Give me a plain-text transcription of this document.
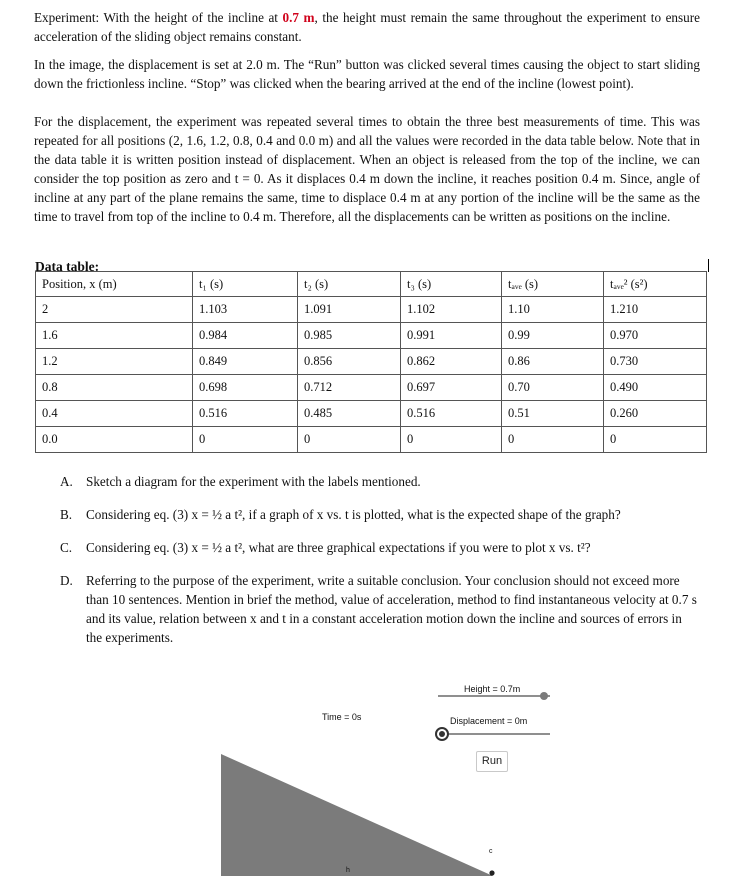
Experiment: With the height of the incline at 0.7 m, the height must remain the same throughout the experiment to ensure acceleration of the sliding object remains constant.

In the image, the displacement is set at 2.0 m. The “Run” button was clicked several times causing the object to start sliding down the frictionless incline. “Stop” was clicked when the bearing arrived at the end of the incline (lowest point).

For the displacement, the experiment was repeated several times to obtain the three best measurements of time. This was repeated for all positions (2, 1.6, 1.2, 0.8, 0.4 and 0.0 m) and all the values were recorded in the data table below. Note that in the data table it is written position instead of displacement. When an object is released from the top of the incline, we can consider the top position as zero and t = 0. As it displaces 0.4 m down the incline, it reaches position 0.4 m. Since, angle of incline at any part of the plane remains the same, time to displace 0.4 m at any portion of the incline will be the same as the time to travel from top of the incline to 0.4 m. Therefore, all the displacements can be written as positions on the incline.

Data table:
Position, x (m)	t₁ (s)	t₂ (s)	t₃ (s)	tₐᵥₑ (s)	tₐᵥₑ² (s²)
2	1.103	1.091	1.102	1.10	1.210
1.6	0.984	0.985	0.991	0.99	0.970
1.2	0.849	0.856	0.862	0.86	0.730
0.8	0.698	0.712	0.697	0.70	0.490
0.4	0.516	0.485	0.516	0.51	0.260
0.0	0	0	0	0	0
A. Sketch a diagram for the experiment with the labels mentioned.
B. Considering eq. (3) x = ½ a t², if a graph of x vs. t is plotted, what is the expected shape of the graph?
C. Considering eq. (3) x = ½ a t², what are three graphical expectations if you were to plot x vs. t²?
D. Referring to the purpose of the experiment, write a suitable conclusion. Your conclusion should not exceed more than 10 sentences. Mention in brief the method, value of acceleration, method to find instantaneous velocity at 0.7 s and its value, relation between x and t in a constant acceleration motion down the incline and sources of errors in the experiments.
Time = 0s
Height = 0.7m
Displacement = 0m
Run
c
h
